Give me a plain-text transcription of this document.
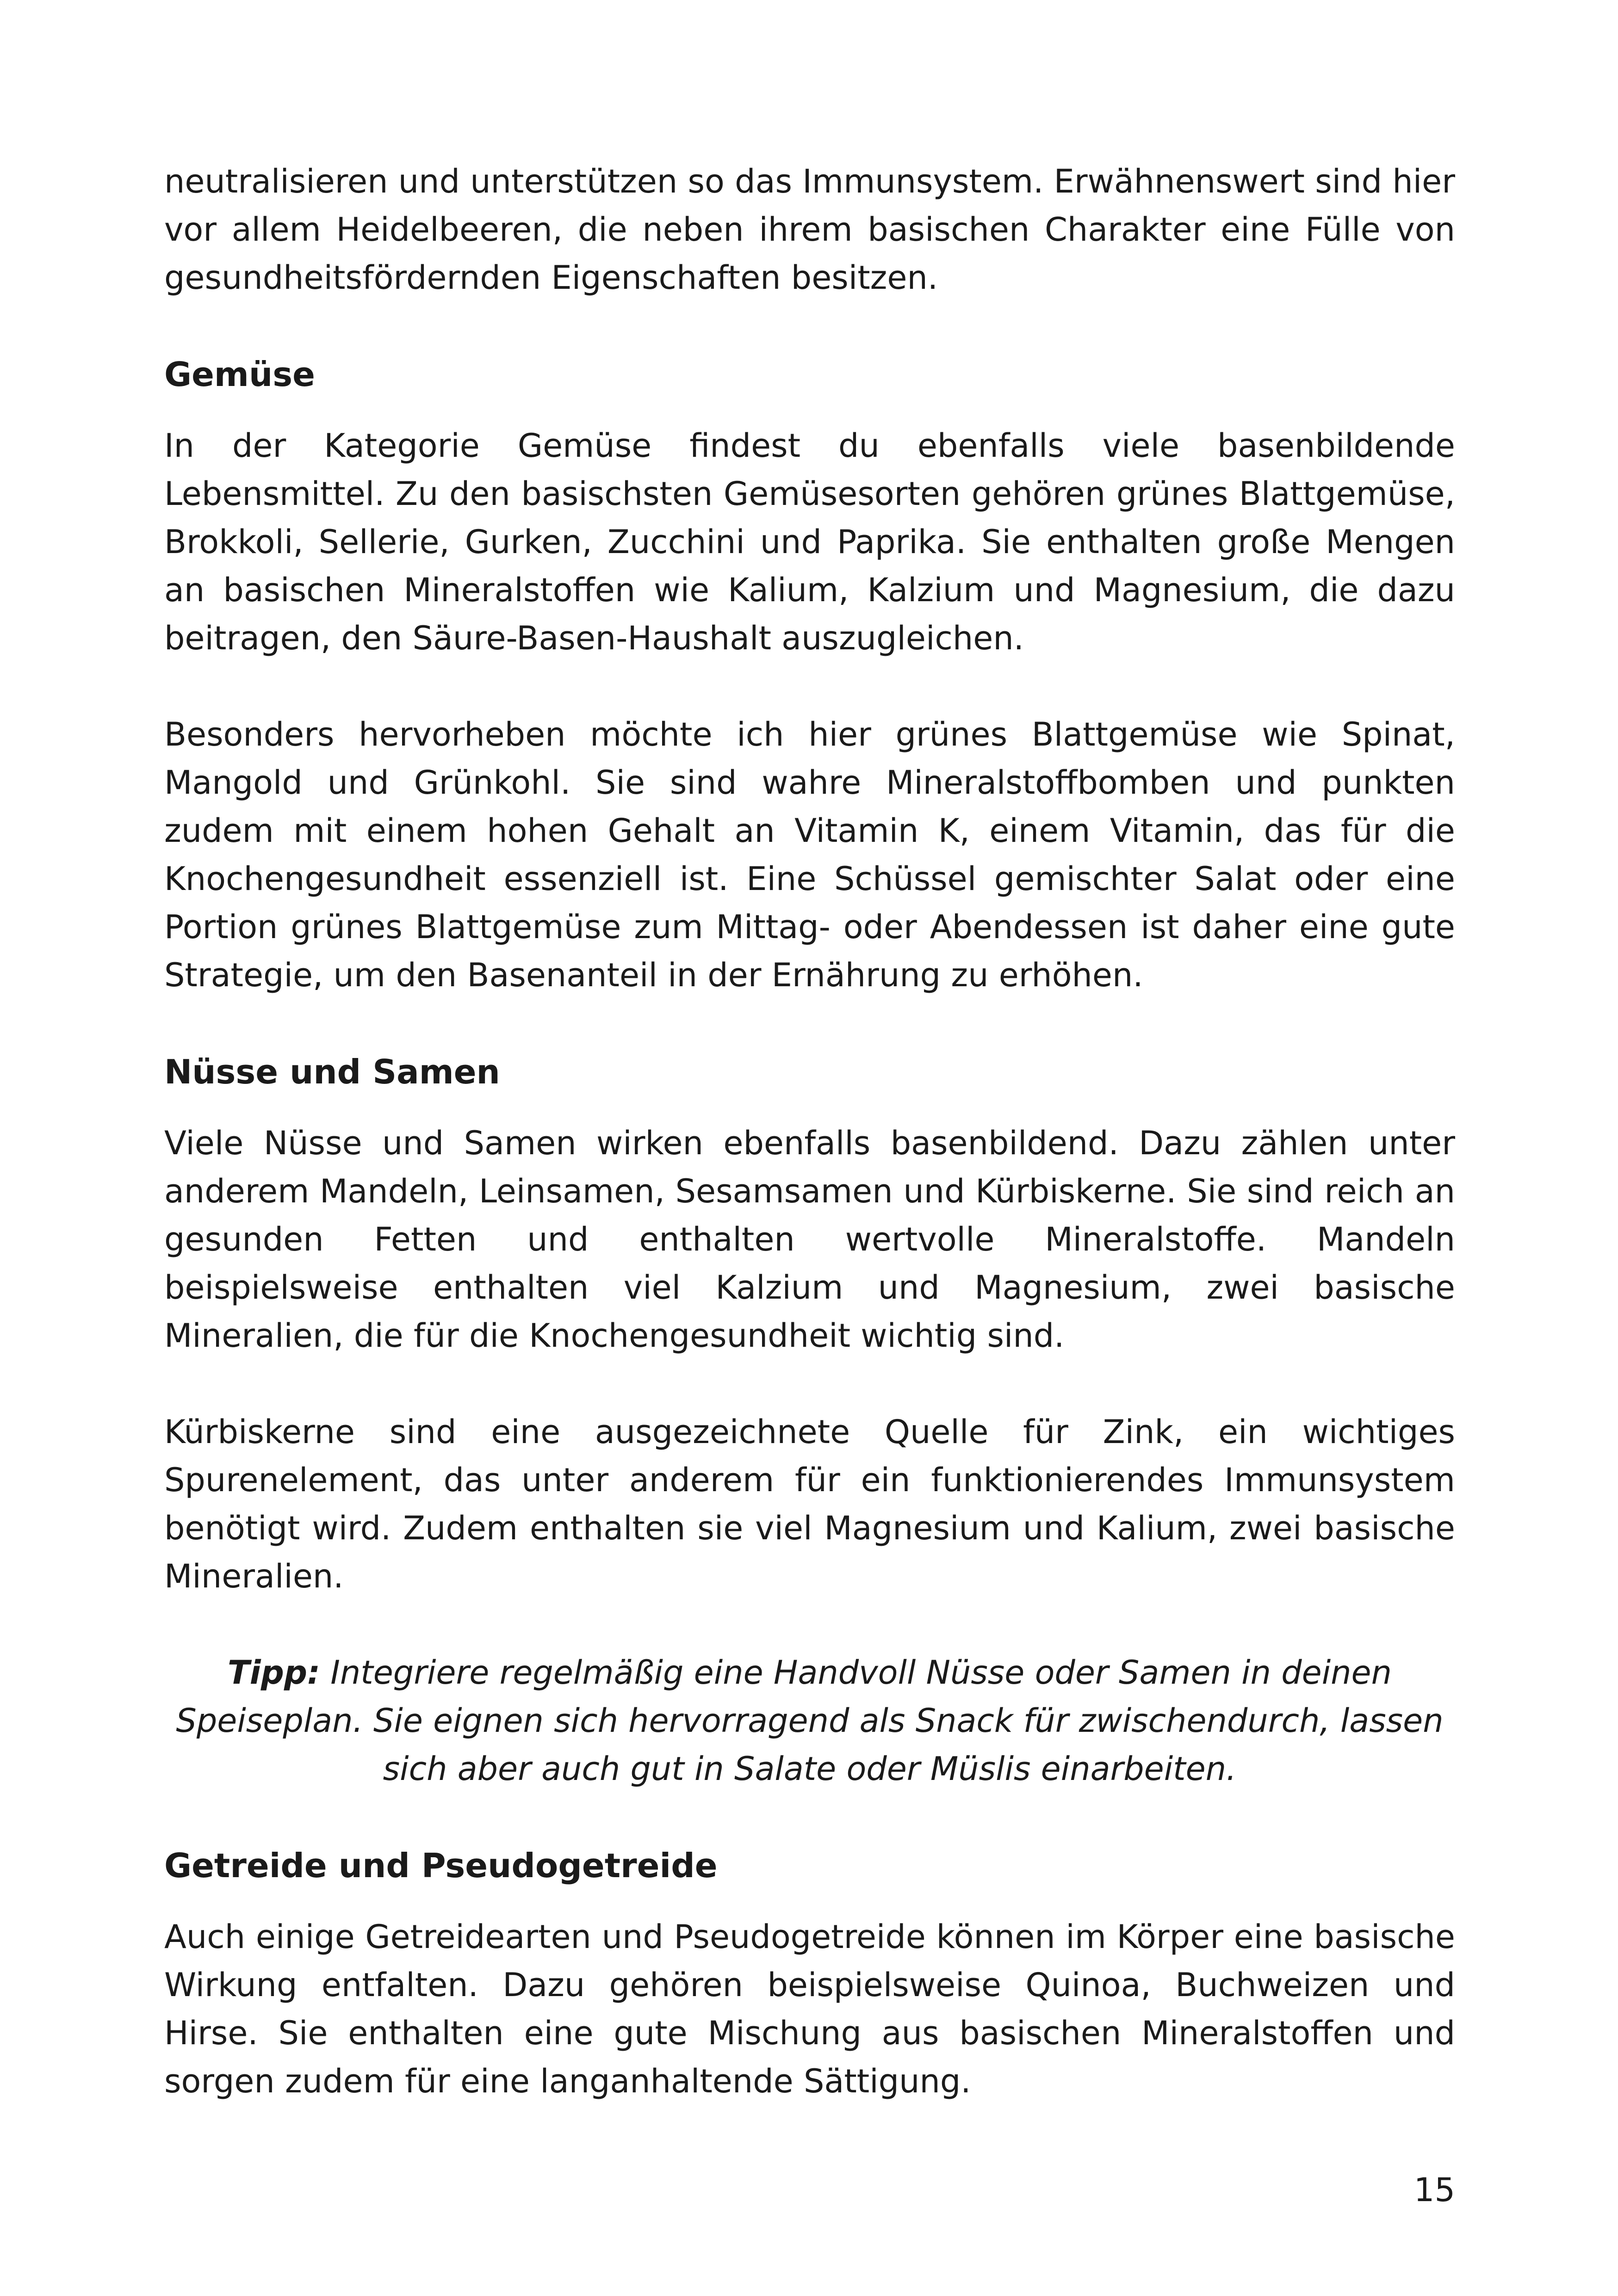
neutralisieren und unterstützen so das Immunsystem. Erwähnenswert sind hier vor allem Heidelbeeren, die neben ihrem basischen Charakter eine Fülle von gesundheitsfördernden Eigenschaften besitzen.

Gemüse

In der Kategorie Gemüse findest du ebenfalls viele basenbildende Lebensmittel. Zu den basischsten Gemüsesorten gehören grünes Blattgemüse, Brokkoli, Sellerie, Gurken, Zucchini und Paprika. Sie enthalten große Mengen an basischen Mineralstoffen wie Kalium, Kalzium und Magnesium, die dazu beitragen, den Säure-Basen-Haushalt auszugleichen.

Besonders hervorheben möchte ich hier grünes Blattgemüse wie Spinat, Mangold und Grünkohl. Sie sind wahre Mineralstoffbomben und punkten zudem mit einem hohen Gehalt an Vitamin K, einem Vitamin, das für die Knochengesundheit essenziell ist. Eine Schüssel gemischter Salat oder eine Portion grünes Blattgemüse zum Mittag- oder Abendessen ist daher eine gute Strategie, um den Basenanteil in der Ernährung zu erhöhen.

Nüsse und Samen

Viele Nüsse und Samen wirken ebenfalls basenbildend. Dazu zählen unter anderem Mandeln, Leinsamen, Sesamsamen und Kürbiskerne. Sie sind reich an gesunden Fetten und enthalten wertvolle Mineralstoffe. Mandeln beispielsweise enthalten viel Kalzium und Magnesium, zwei basische Mineralien, die für die Knochengesundheit wichtig sind.

Kürbiskerne sind eine ausgezeichnete Quelle für Zink, ein wichtiges Spurenelement, das unter anderem für ein funktionierendes Immunsystem benötigt wird. Zudem enthalten sie viel Magnesium und Kalium, zwei basische Mineralien.

Tipp: Integriere regelmäßig eine Handvoll Nüsse oder Samen in deinen Speiseplan. Sie eignen sich hervorragend als Snack für zwischendurch, lassen sich aber auch gut in Salate oder Müslis einarbeiten.
Getreide und Pseudogetreide

Auch einige Getreidearten und Pseudogetreide können im Körper eine basische Wirkung entfalten. Dazu gehören beispielsweise Quinoa, Buchweizen und Hirse. Sie enthalten eine gute Mischung aus basischen Mineralstoffen und sorgen zudem für eine langanhaltende Sättigung.

15
